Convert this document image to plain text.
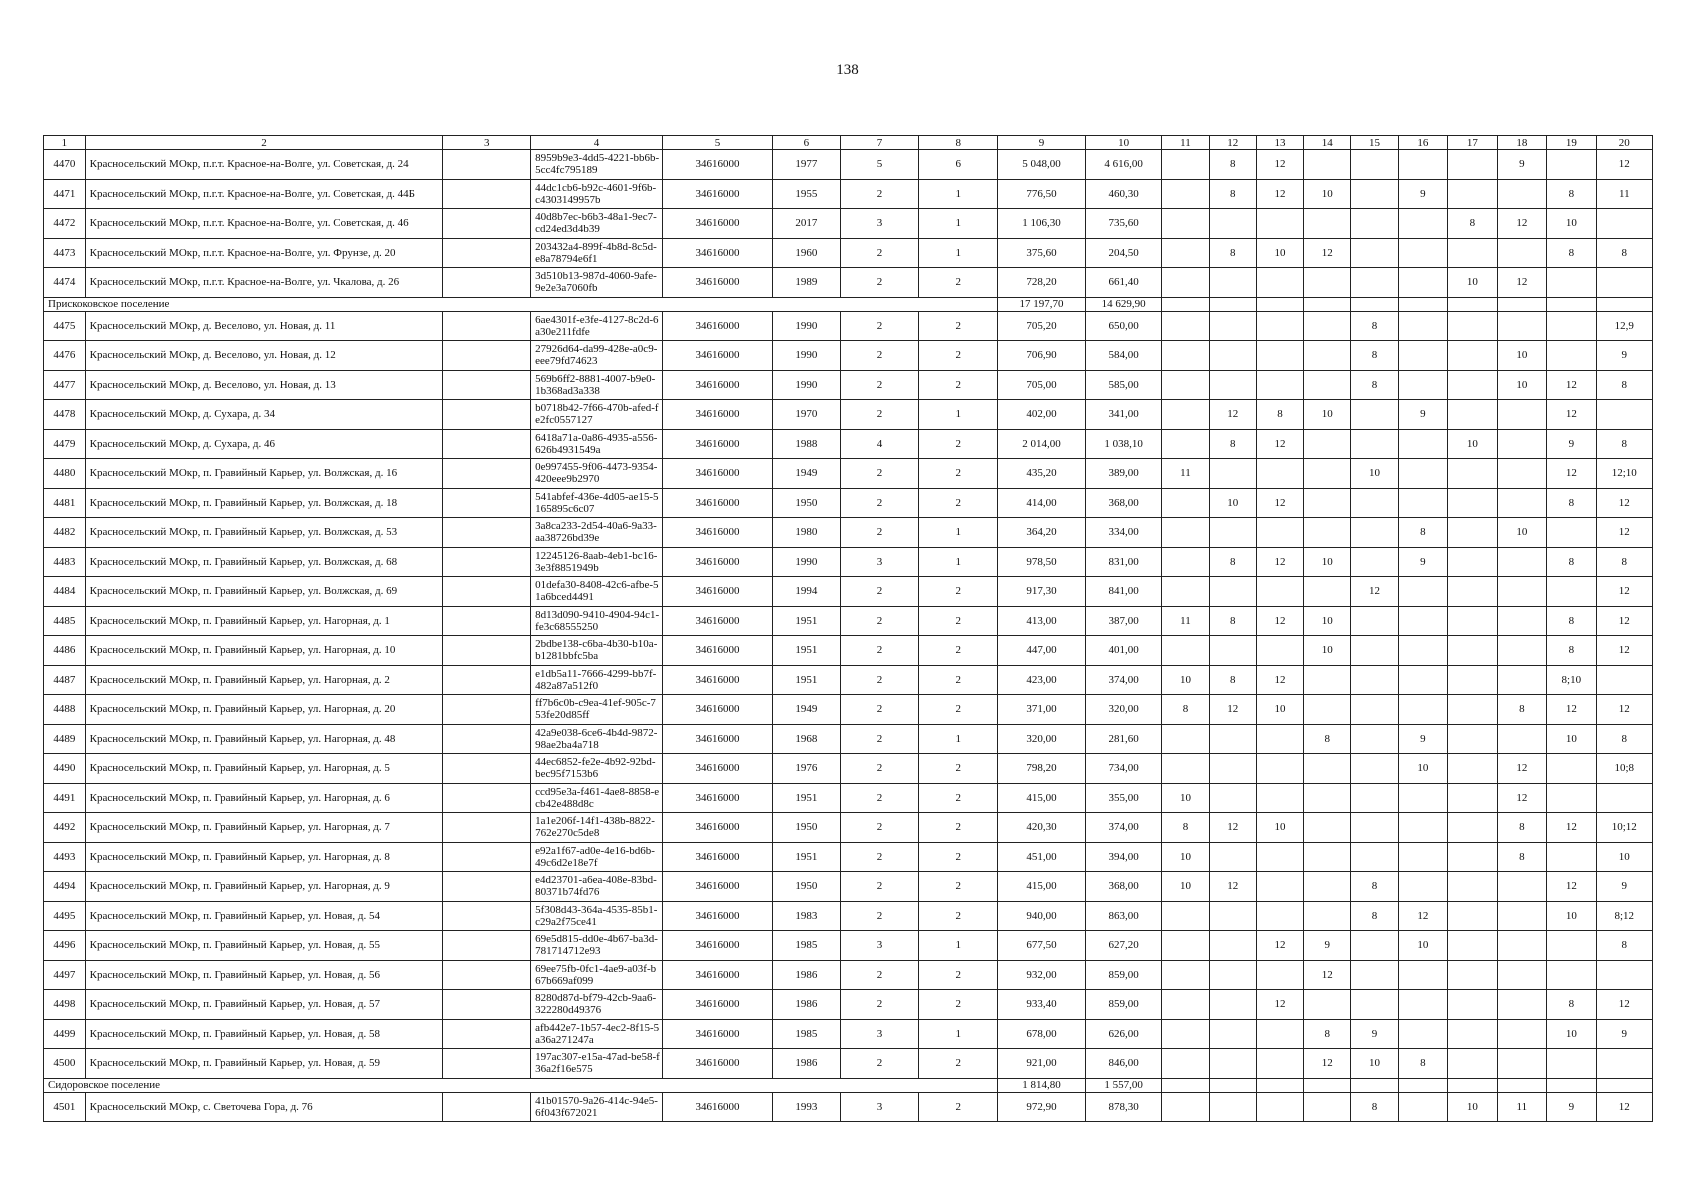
138
1	2	3	4	5	6	7	8	9	10	11	12	13	14	15	16	17	18	19	20
4470	Красносельский МОкр, п.г.т. Красное-на-Волге, ул. Советская, д. 24		8959b9e3-4dd5-4221-bb6b-5cc4fc795189	34616000	1977	5	6	5 048,00	4 616,00		8	12					9		12
4471	Красносельский МОкр, п.г.т. Красное-на-Волге, ул. Советская, д. 44Б		44dc1cb6-b92c-4601-9f6b-c4303149957b	34616000	1955	2	1	776,50	460,30		8	12	10		9			8	11
4472	Красносельский МОкр, п.г.т. Красное-на-Волге, ул. Советская, д. 46		40d8b7ec-b6b3-48a1-9ec7-cd24ed3d4b39	34616000	2017	3	1	1 106,30	735,60							8	12	10	
4473	Красносельский МОкр, п.г.т. Красное-на-Волге, ул. Фрунзе, д. 20		203432a4-899f-4b8d-8c5d-e8a78794e6f1	34616000	1960	2	1	375,60	204,50		8	10	12					8	8
4474	Красносельский МОкр, п.г.т. Красное-на-Волге, ул. Чкалова, д. 26		3d510b13-987d-4060-9afe-9e2e3a7060fb	34616000	1989	2	2	728,20	661,40							10	12		
Прискоковское поселение								17 197,70	14 629,90										
4475	Красносельский МОкр, д. Веселово, ул. Новая, д. 11		6ae4301f-e3fe-4127-8c2d-6a30e211fdfe	34616000	1990	2	2	705,20	650,00					8					12,9
4476	Красносельский МОкр, д. Веселово, ул. Новая, д. 12		27926d64-da99-428e-a0c9-eee79fd74623	34616000	1990	2	2	706,90	584,00					8			10		9
4477	Красносельский МОкр, д. Веселово, ул. Новая, д. 13		569b6ff2-8881-4007-b9e0-1b368ad3a338	34616000	1990	2	2	705,00	585,00					8			10	12	8
4478	Красносельский МОкр, д. Сухара, д. 34		b0718b42-7f66-470b-afed-fe2fc0557127	34616000	1970	2	1	402,00	341,00		12	8	10		9			12	
4479	Красносельский МОкр, д. Сухара, д. 46		6418a71a-0a86-4935-a556-626b4931549a	34616000	1988	4	2	2 014,00	1 038,10		8	12				10		9	8
4480	Красносельский МОкр, п. Гравийный Карьер, ул. Волжская, д. 16		0e997455-9f06-4473-9354-420eee9b2970	34616000	1949	2	2	435,20	389,00	11				10				12	12;10
4481	Красносельский МОкр, п. Гравийный Карьер, ул. Волжская, д. 18		541abfef-436e-4d05-ae15-5165895c6c07	34616000	1950	2	2	414,00	368,00		10	12						8	12
4482	Красносельский МОкр, п. Гравийный Карьер, ул. Волжская, д. 53		3a8ca233-2d54-40a6-9a33-aa38726bd39e	34616000	1980	2	1	364,20	334,00						8		10		12
4483	Красносельский МОкр, п. Гравийный Карьер, ул. Волжская, д. 68		12245126-8aab-4eb1-bc16-3e3f8851949b	34616000	1990	3	1	978,50	831,00		8	12	10		9			8	8
4484	Красносельский МОкр, п. Гравийный Карьер, ул. Волжская, д. 69		01defa30-8408-42c6-afbe-51a6bced4491	34616000	1994	2	2	917,30	841,00					12					12
4485	Красносельский МОкр, п. Гравийный Карьер, ул. Нагорная, д. 1		8d13d090-9410-4904-94c1-fe3c68555250	34616000	1951	2	2	413,00	387,00	11	8	12	10					8	12
4486	Красносельский МОкр, п. Гравийный Карьер, ул. Нагорная, д. 10		2bdbe138-c6ba-4b30-b10a-b1281bbfc5ba	34616000	1951	2	2	447,00	401,00				10					8	12
4487	Красносельский МОкр, п. Гравийный Карьер, ул. Нагорная, д. 2		e1db5a11-7666-4299-bb7f-482a87a512f0	34616000	1951	2	2	423,00	374,00	10	8	12						8;10	
4488	Красносельский МОкр, п. Гравийный Карьер, ул. Нагорная, д. 20		ff7b6c0b-c9ea-41ef-905c-753fe20d85ff	34616000	1949	2	2	371,00	320,00	8	12	10					8	12	12
4489	Красносельский МОкр, п. Гравийный Карьер, ул. Нагорная, д. 48		42a9e038-6ce6-4b4d-9872-98ae2ba4a718	34616000	1968	2	1	320,00	281,60				8		9			10	8
4490	Красносельский МОкр, п. Гравийный Карьер, ул. Нагорная, д. 5		44ec6852-fe2e-4b92-92bd-bec95f7153b6	34616000	1976	2	2	798,20	734,00						10		12		10;8
4491	Красносельский МОкр, п. Гравийный Карьер, ул. Нагорная, д. 6		ccd95e3a-f461-4ae8-8858-ecb42e488d8c	34616000	1951	2	2	415,00	355,00	10							12		
4492	Красносельский МОкр, п. Гравийный Карьер, ул. Нагорная, д. 7		1a1e206f-14f1-438b-8822-762e270c5de8	34616000	1950	2	2	420,30	374,00	8	12	10					8	12	10;12
4493	Красносельский МОкр, п. Гравийный Карьер, ул. Нагорная, д. 8		e92a1f67-ad0e-4e16-bd6b-49c6d2e18e7f	34616000	1951	2	2	451,00	394,00	10							8		10
4494	Красносельский МОкр, п. Гравийный Карьер, ул. Нагорная, д. 9		e4d23701-a6ea-408e-83bd-80371b74fd76	34616000	1950	2	2	415,00	368,00	10	12			8				12	9
4495	Красносельский МОкр, п. Гравийный Карьер, ул. Новая, д. 54		5f308d43-364a-4535-85b1-c29a2f75ce41	34616000	1983	2	2	940,00	863,00					8	12			10	8;12
4496	Красносельский МОкр, п. Гравийный Карьер, ул. Новая, д. 55		69e5d815-dd0e-4b67-ba3d-781714712e93	34616000	1985	3	1	677,50	627,20			12	9		10				8
4497	Красносельский МОкр, п. Гравийный Карьер, ул. Новая, д. 56		69ee75fb-0fc1-4ae9-a03f-b67b669af099	34616000	1986	2	2	932,00	859,00				12						
4498	Красносельский МОкр, п. Гравийный Карьер, ул. Новая, д. 57		8280d87d-bf79-42cb-9aa6-322280d49376	34616000	1986	2	2	933,40	859,00			12						8	12
4499	Красносельский МОкр, п. Гравийный Карьер, ул. Новая, д. 58		afb442e7-1b57-4ec2-8f15-5a36a271247a	34616000	1985	3	1	678,00	626,00				8	9				10	9
4500	Красносельский МОкр, п. Гравийный Карьер, ул. Новая, д. 59		197ac307-e15a-47ad-be58-f36a2f16e575	34616000	1986	2	2	921,00	846,00				12	10	8				
Сидоровское поселение								1 814,80	1 557,00										
4501	Красносельский МОкр, с. Светочева Гора, д. 76		41b01570-9a26-414c-94e5-6f043f672021	34616000	1993	3	2	972,90	878,30					8		10	11	9	12
